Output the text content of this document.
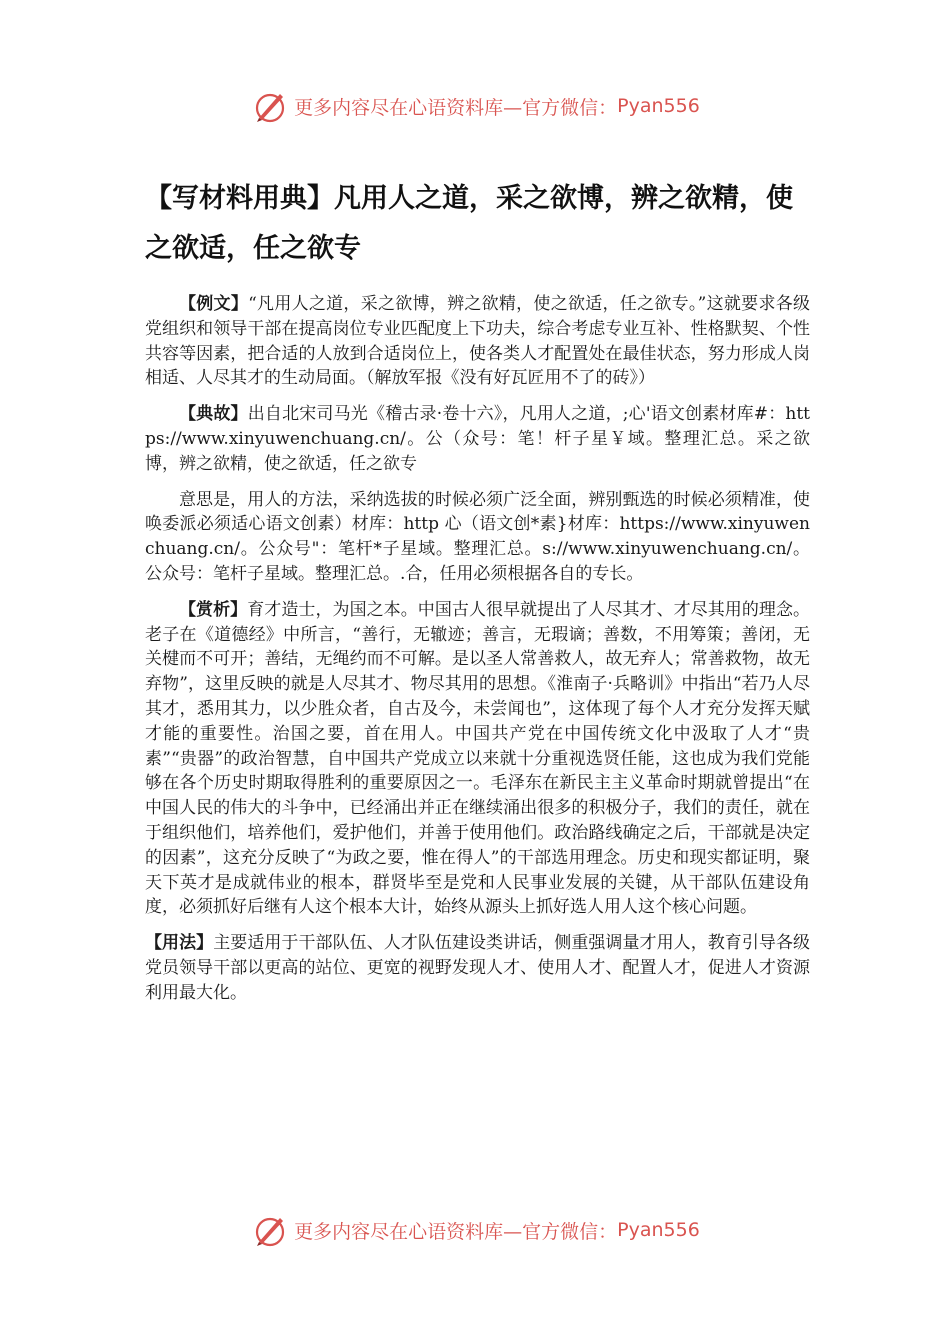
更多内容尽在心语资料库—官方微信： Pyan556
【写材料用典】凡用人之道，采之欲博，辨之欲精，使之欲适，任之欲专

【例文】“凡用人之道，采之欲博，辨之欲精，使之欲适，任之欲专。”这就要求各级党组织和领导干部在提高岗位专业匹配度上下功夫，综合考虑专业互补、性格默契、个性共容等因素，把合适的人放到合适岗位上，使各类人才配置处在最佳状态，努力形成人岗相适、人尽其才的生动局面。（解放军报《没有好瓦匠用不了的砖》）

【典故】出自北宋司马光《稽古录·卷十六》，凡用人之道，;心'语文创素材库#：https://www.xinyuwenchuang.cn/。公（众号：笔！杆子星￥域。整理汇总。采之欲博，辨之欲精，使之欲适，任之欲专

意思是，用人的方法，采纳选拔的时候必须广泛全面，辨别甄选的时候必须精准，使唤委派必须适心语文创素）材库：http 心（语文创*素}材库：https://www.xinyuwenchuang.cn/。公众号"：笔杆*子星域。整理汇总。s://www.xinyuwenchuang.cn/。公众号：笔杆子星域。整理汇总。.合，任用必须根据各自的专长。

【赏析】育才造士，为国之本。中国古人很早就提出了人尽其才、才尽其用的理念。老子在《道德经》中所言，“善行，无辙迹；善言，无瑕谪；善数，不用筹策；善闭，无关楗而不可开；善结，无绳约而不可解。是以圣人常善救人，故无弃人；常善救物，故无弃物”，这里反映的就是人尽其才、物尽其用的思想。《淮南子·兵略训》中指出“若乃人尽其才，悉用其力，以少胜众者，自古及今，未尝闻也”，这体现了每个人才充分发挥天赋才能的重要性。治国之要，首在用人。中国共产党在中国传统文化中汲取了人才“贵素”“贵器”的政治智慧，自中国共产党成立以来就十分重视选贤任能，这也成为我们党能够在各个历史时期取得胜利的重要原因之一。毛泽东在新民主主义革命时期就曾提出“在中国人民的伟大的斗争中，已经涌出并正在继续涌出很多的积极分子，我们的责任，就在于组织他们，培养他们，爱护他们，并善于使用他们。政治路线确定之后，干部就是决定的因素”，这充分反映了“为政之要，惟在得人”的干部选用理念。历史和现实都证明，聚天下英才是成就伟业的根本，群贤毕至是党和人民事业发展的关键，从干部队伍建设角度，必须抓好后继有人这个根本大计，始终从源头上抓好选人用人这个核心问题。

【用法】主要适用于干部队伍、人才队伍建设类讲话，侧重强调量才用人，教育引导各级党员领导干部以更高的站位、更宽的视野发现人才、使用人才、配置人才，促进人才资源利用最大化。

更多内容尽在心语资料库—官方微信： Pyan556
